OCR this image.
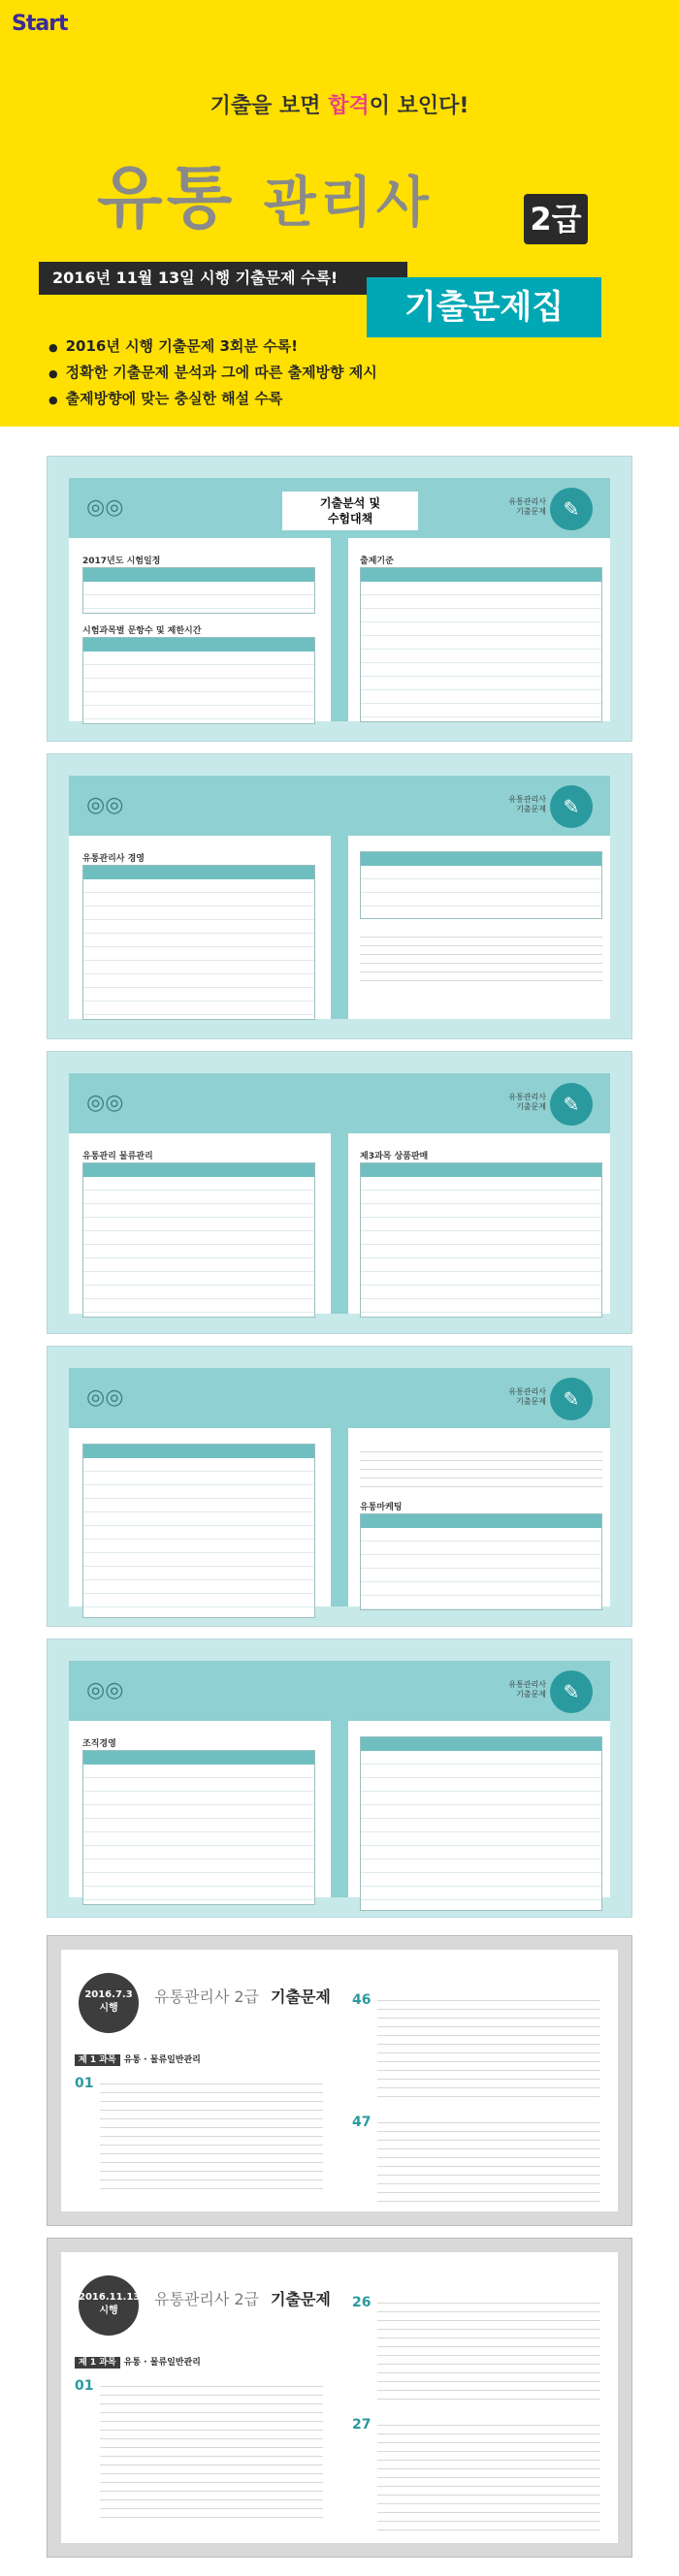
Start
기출을 보면 합격이 보인다!
유통 관리사	2급
2016년 11월 13일 시행 기출문제 수록!
기출문제집
● 2016년 시행 기출문제 3회분 수록!
● 정확한 기출문제 분석과 그에 따른 출제방향 제시
● 출제방향에 맞는 충실한 해설 수록
◎◎	기출분석 및
수험대책
유통관리사
기출문제 ✎
2017년도 시험일정
시험과목별 문항수 및 제한시간
출제기준
◎◎	유통관리사
기출문제 ✎
유통관리사 경영
◎◎	유통관리사
기출문제 ✎
유통관리 물류관리	제3과목 상품판매
◎◎	유통관리사
기출문제 ✎
유통마케팅
◎◎	유통관리사
기출문제 ✎
조직경영
2016.7.3
시행
유통관리사 2급 기출문제
제 1 과목 유통 · 물류일반관리
01
46
47
2016.11.13
시행
유통관리사 2급 기출문제
제 1 과목 유통 · 물류일반관리
01
26
27
